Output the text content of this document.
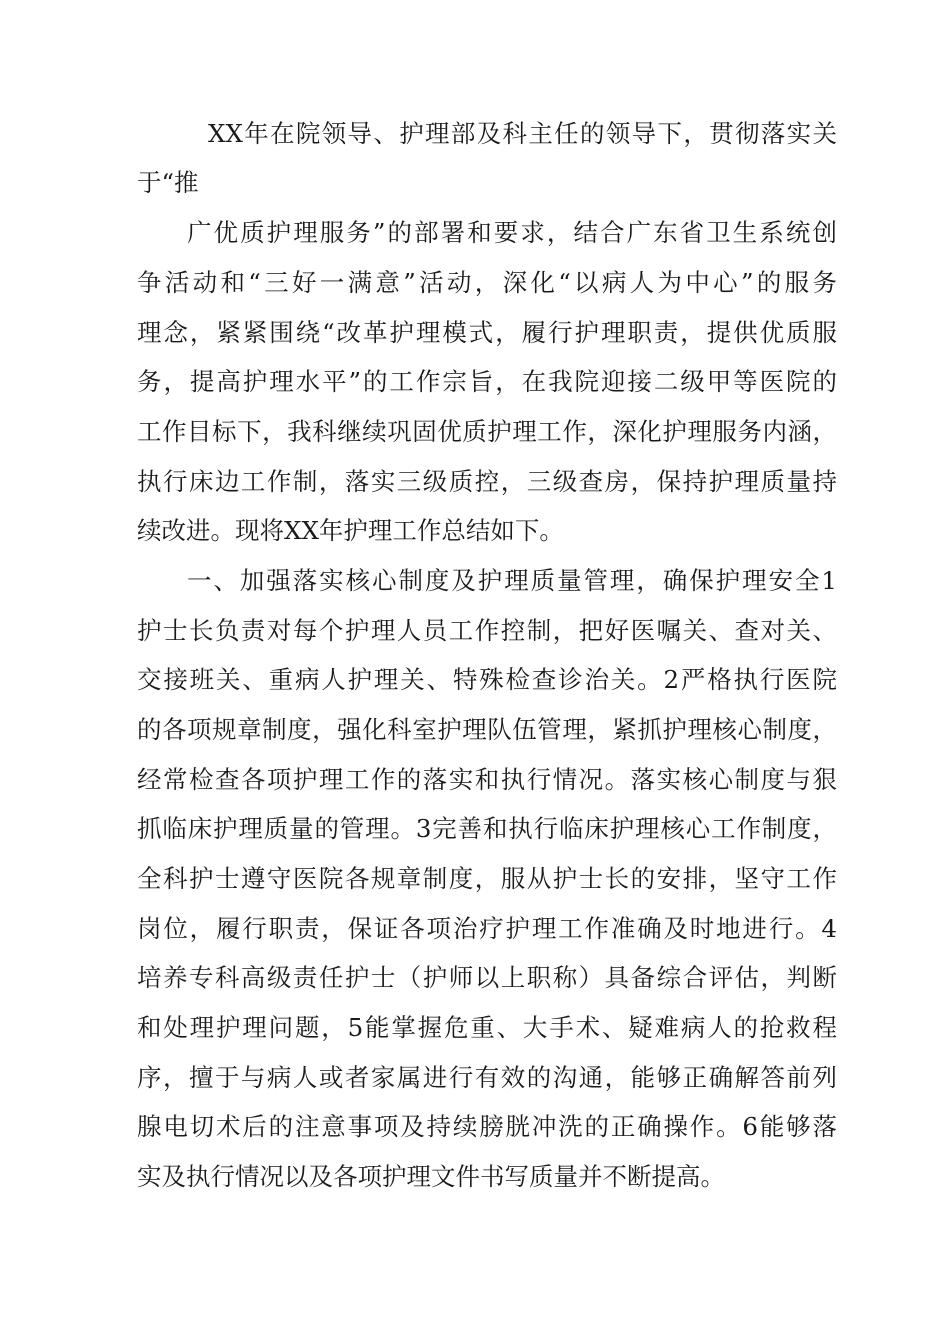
XX年在院领导、护理部及科主任的领导下，贯彻落实关
于“推
广优质护理服务”的部署和要求，结合广东省卫生系统创
争活动和“三好一满意”活动，深化“以病人为中心”的服务
理念，紧紧围绕“改革护理模式，履行护理职责，提供优质服
务，提高护理水平”的工作宗旨，在我院迎接二级甲等医院的
工作目标下，我科继续巩固优质护理工作，深化护理服务内涵，
执行床边工作制，落实三级质控，三级查房，保持护理质量持
续改进。现将XX年护理工作总结如下。
一、加强落实核心制度及护理质量管理，确保护理安全1
护士长负责对每个护理人员工作控制，把好医嘱关、查对关、
交接班关、重病人护理关、特殊检查诊治关。2严格执行医院
的各项规章制度，强化科室护理队伍管理，紧抓护理核心制度，
经常检查各项护理工作的落实和执行情况。落实核心制度与狠
抓临床护理质量的管理。3完善和执行临床护理核心工作制度，
全科护士遵守医院各规章制度，服从护士长的安排，坚守工作
岗位，履行职责，保证各项治疗护理工作准确及时地进行。4
培养专科高级责任护士（护师以上职称）具备综合评估，判断
和处理护理问题，5能掌握危重、大手术、疑难病人的抢救程
序，擅于与病人或者家属进行有效的沟通，能够正确解答前列
腺电切术后的注意事项及持续膀胱冲洗的正确操作。6能够落
实及执行情况以及各项护理文件书写质量并不断提高。
